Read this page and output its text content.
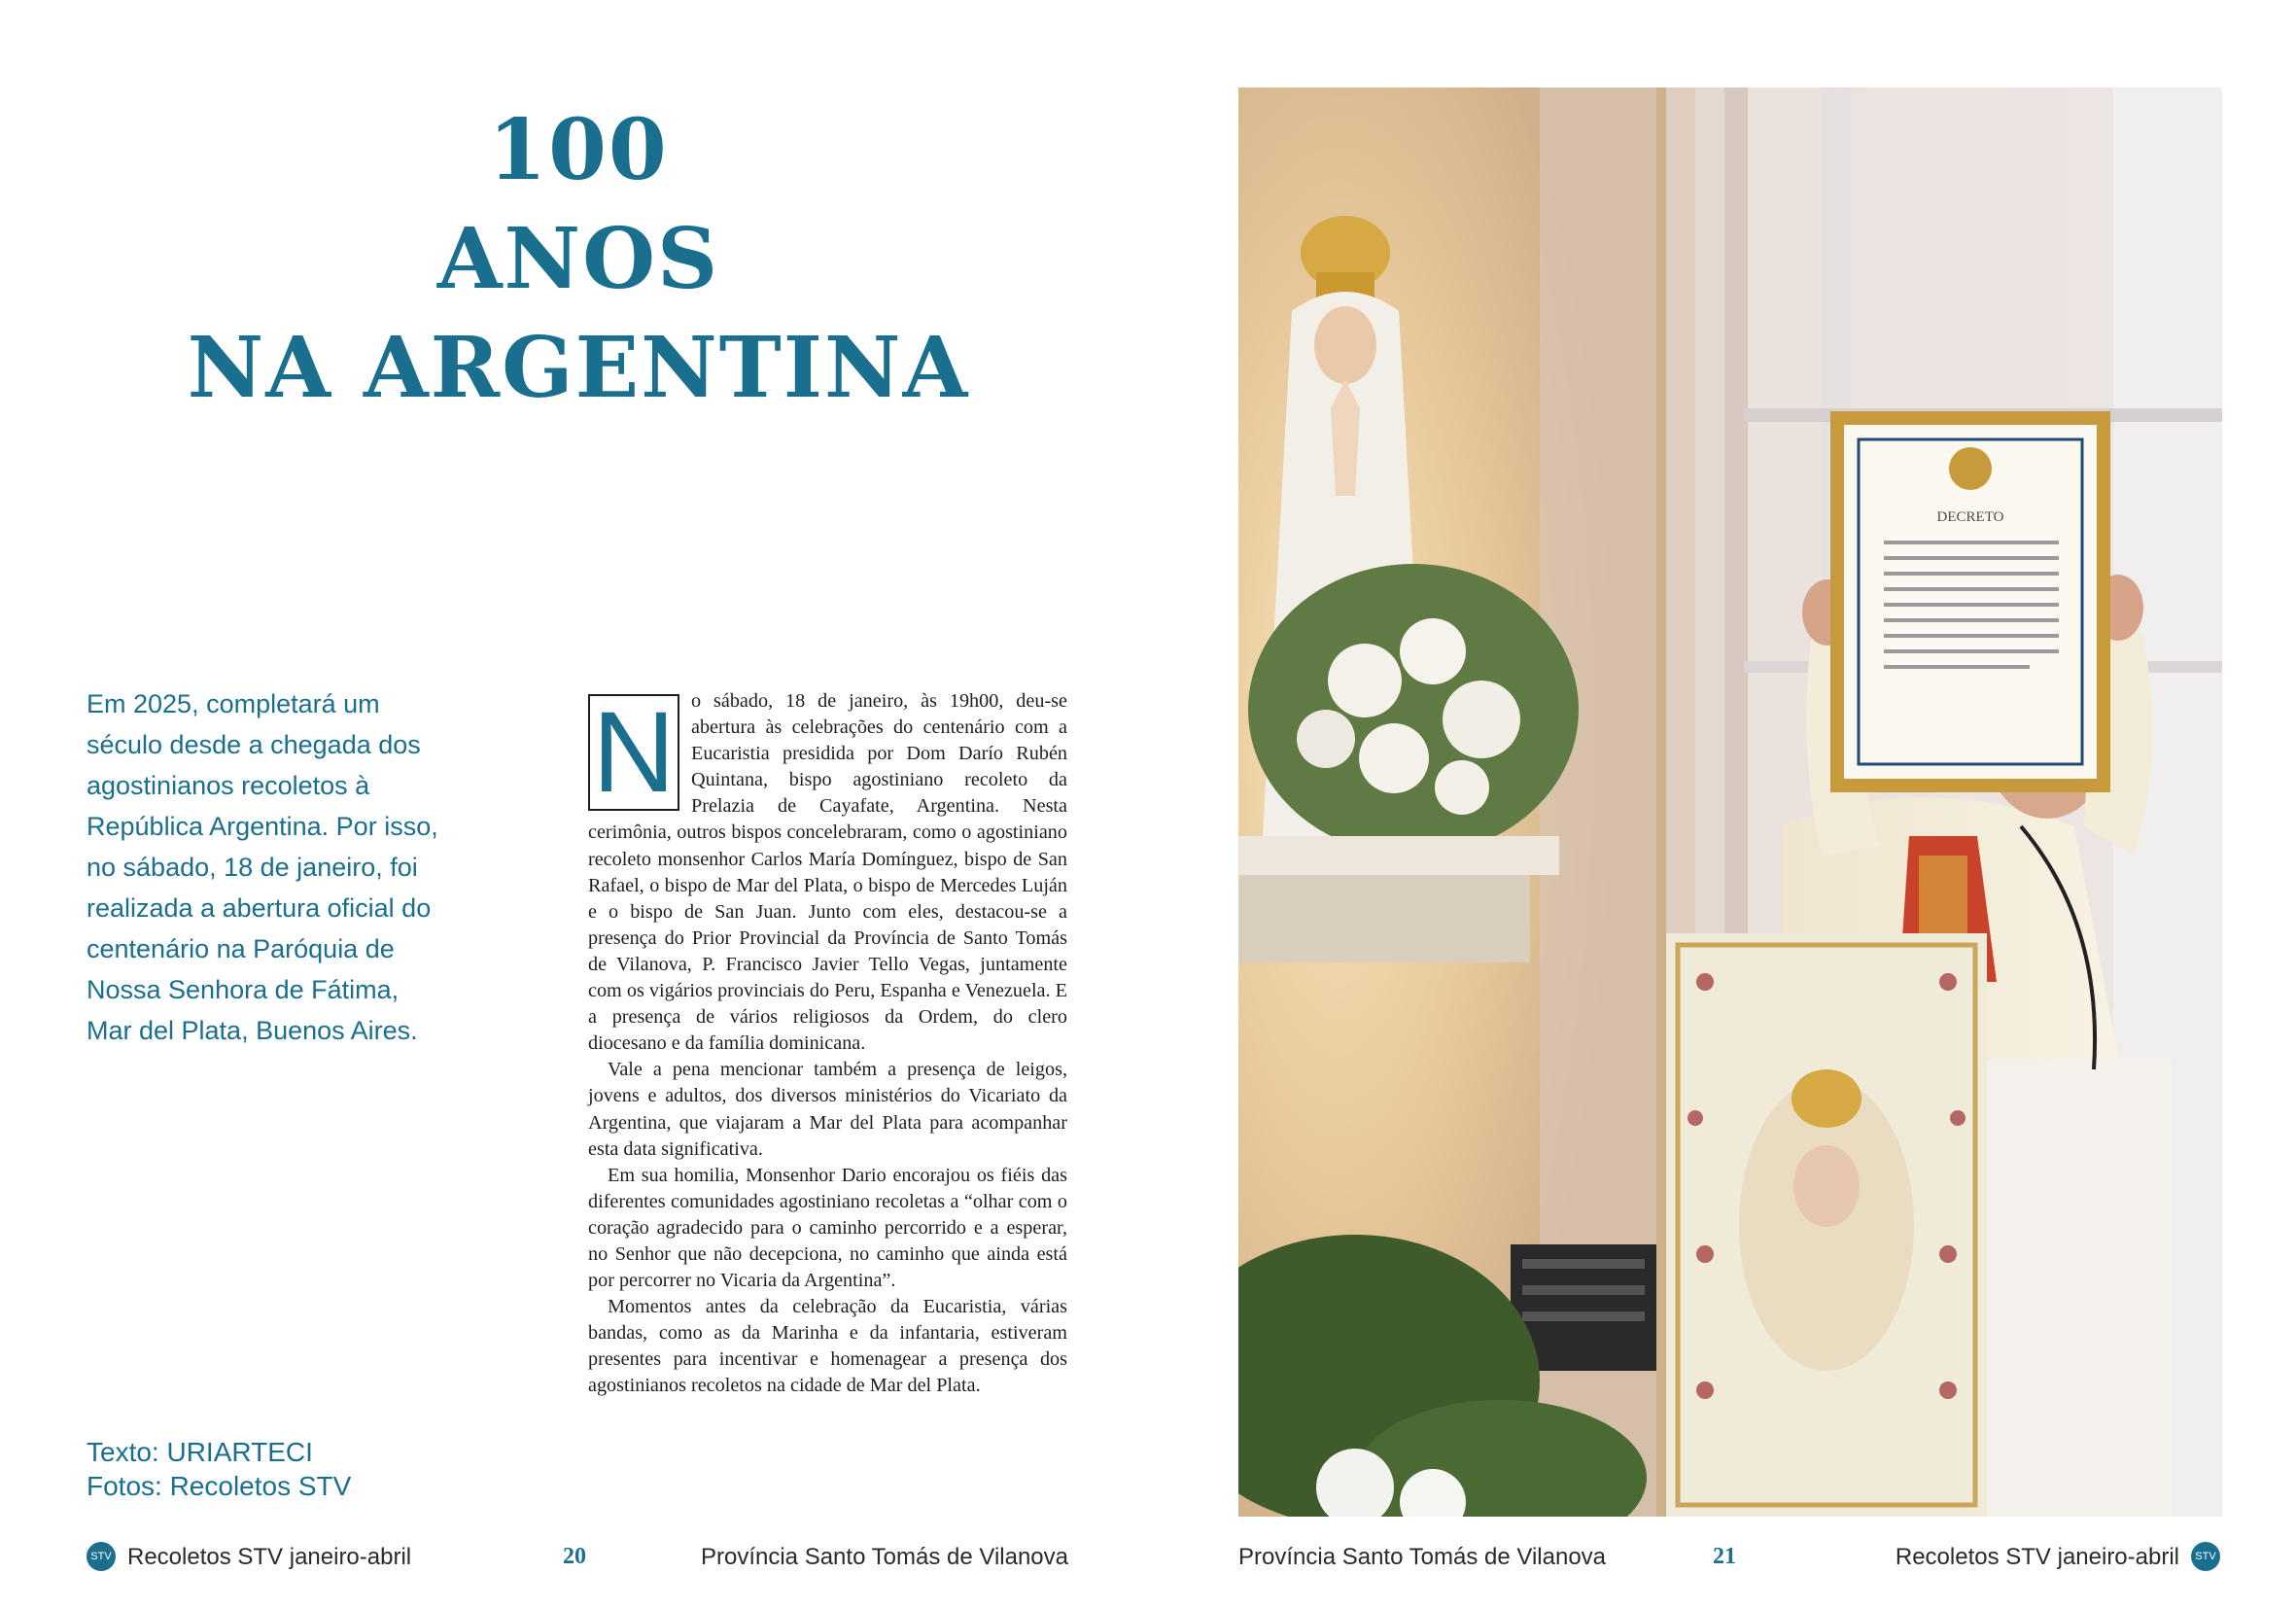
100
ANOS
NA ARGENTINA
Em 2025, completará um século desde a chegada dos agostinianos recoletos à República Argentina. Por isso, no sábado, 18 de janeiro, foi realizada a abertura oficial do centenário na Paróquia de Nossa Senhora de Fátima, Mar del Plata, Buenos Aires.
Texto: URIARTECI
Fotos: Recoletos STV

N o sábado, 18 de janeiro, às 19h00, deu-se abertura às celebrações do centenário com a Eucaristia presidida por Dom Darío Rubén Quintana, bispo agostiniano recoleto da Prelazia de Cayafate, Argentina. Nesta cerimônia, outros bispos concelebraram, como o agostiniano recoleto monsenhor Carlos María Domínguez, bispo de San Rafael, o bispo de Mar del Plata, o bispo de Mercedes Luján e o bispo de San Juan. Junto com eles, destacou-se a presença do Prior Provincial da Província de Santo Tomás de Vilanova, P. Francisco Javier Tello Vegas, juntamente com os vigários provinciais do Peru, Espanha e Venezuela. E a presença de vários religiosos da Ordem, do clero diocesano e da família dominicana.

Vale a pena mencionar também a presença de leigos, jovens e adultos, dos diversos ministérios do Vicariato da Argentina, que viajaram a Mar del Plata para acompanhar esta data significativa.

Em sua homilia, Monsenhor Dario encorajou os fiéis das diferentes comunidades agostiniano recoletas a “olhar com o coração agradecido para o caminho percorrido e a esperar, no Senhor que não decepciona, no caminho que ainda está por percorrer no Vicaria da Argentina”.

Momentos antes da celebração da Eucaristia, várias bandas, como as da Marinha e da infantaria, estiveram presentes para incentivar e homenagear a presença dos agostinianos recoletos na cidade de Mar del Plata.

STV Recoletos STV janeiro-abril	20	Província Santo Tomás de Vilanova	Província Santo Tomás de Vilanova	21	Recoletos STV janeiro-abril	STV
DECRETO
